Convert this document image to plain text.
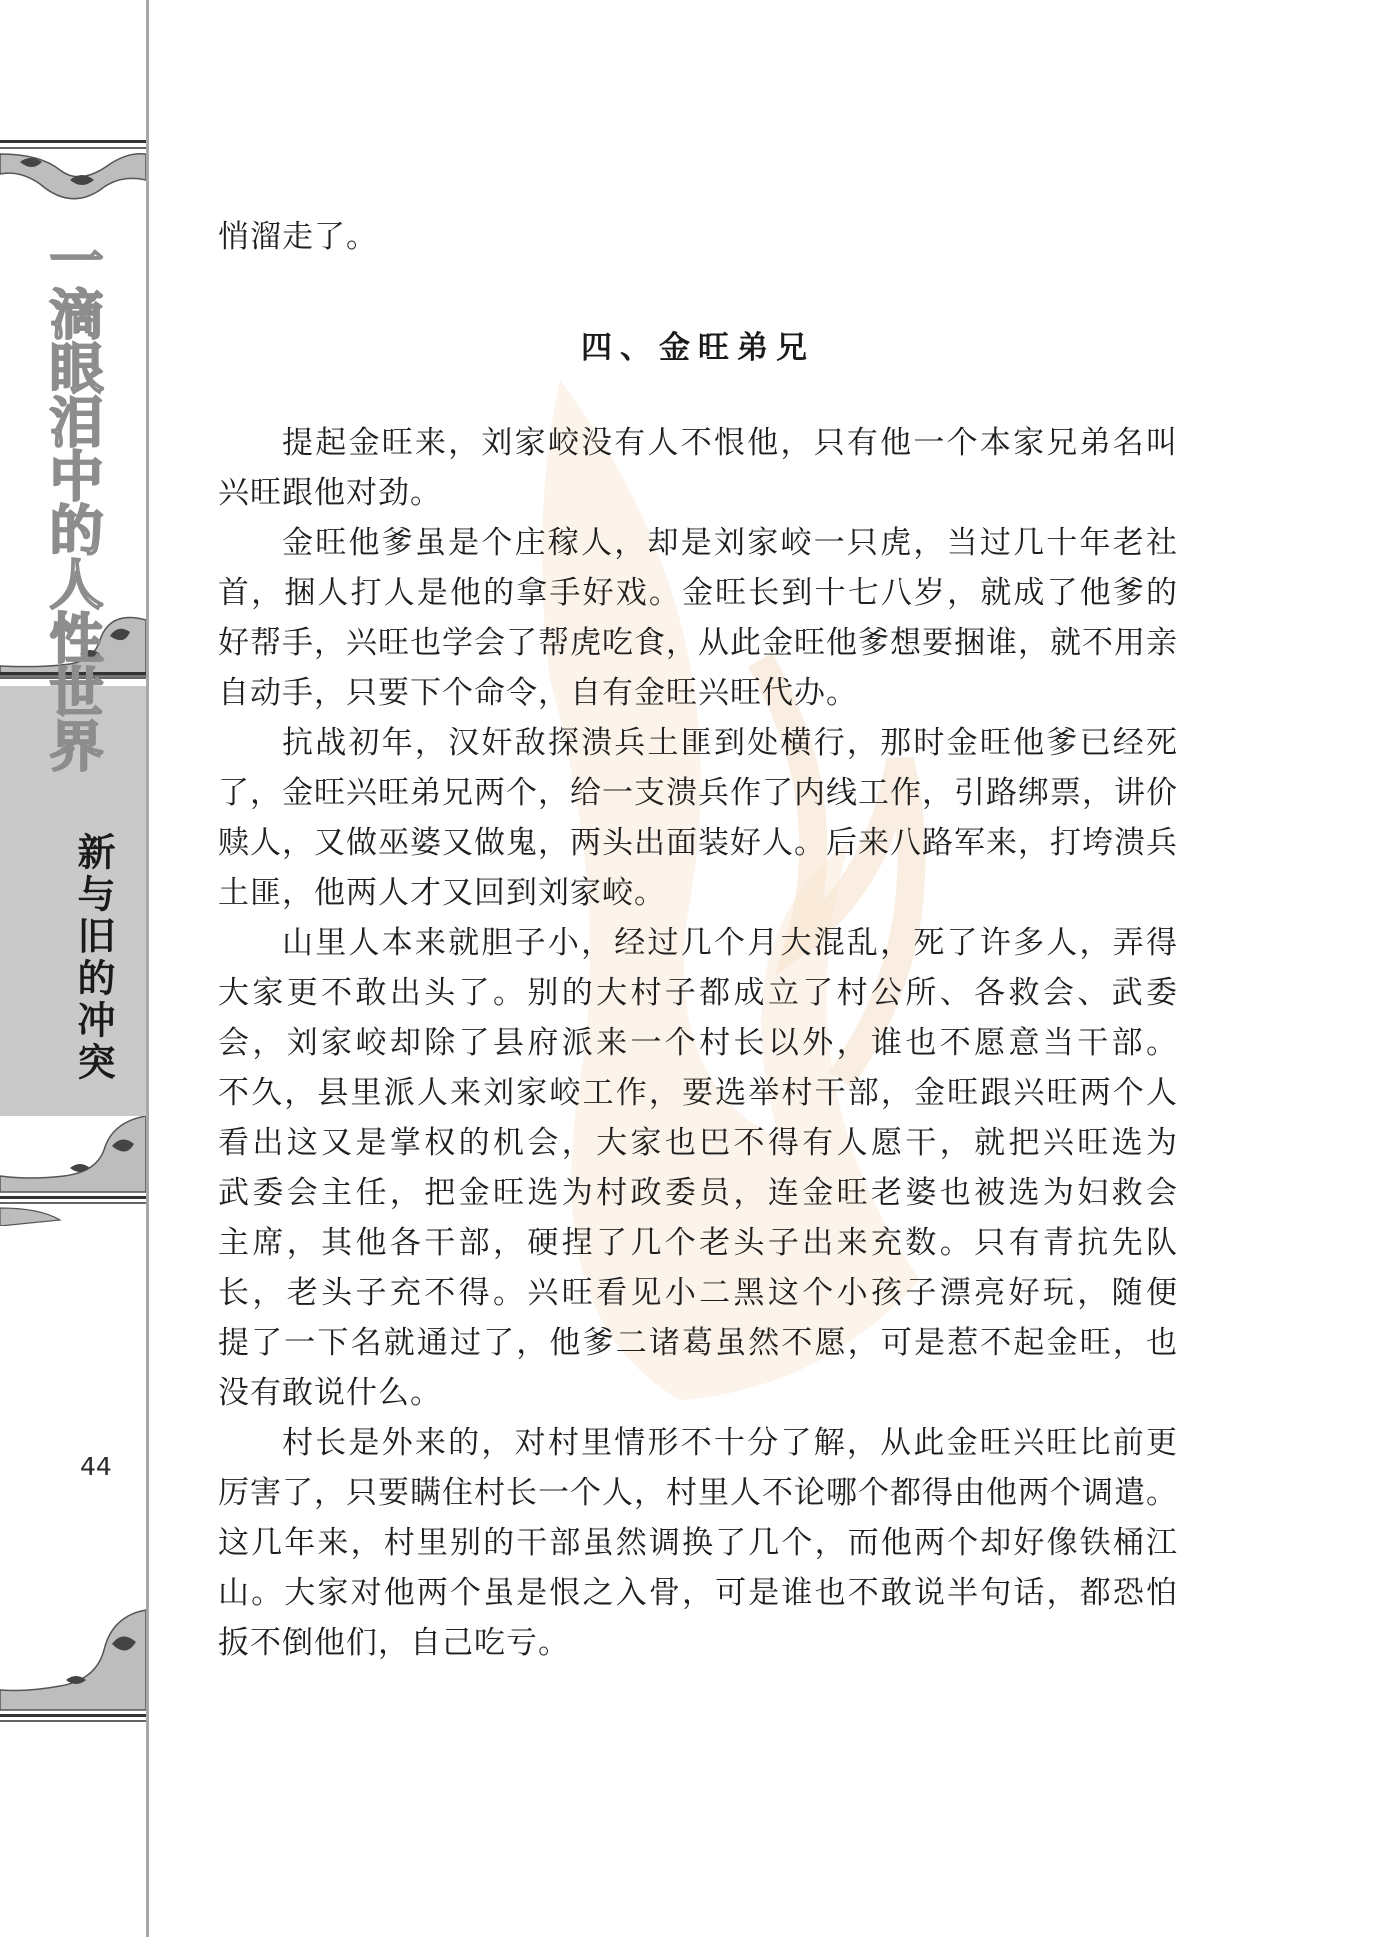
一滴眼泪中的人性世界
新与旧的冲突
44

悄溜走了。

四、金旺弟兄

提起金旺来，刘家峧没有人不恨他，只有他一个本家兄弟名叫

兴旺跟他对劲。

金旺他爹虽是个庄稼人，却是刘家峧一只虎，当过几十年老社

首，捆人打人是他的拿手好戏。金旺长到十七八岁，就成了他爹的

好帮手，兴旺也学会了帮虎吃食，从此金旺他爹想要捆谁，就不用亲

自动手，只要下个命令，自有金旺兴旺代办。

抗战初年，汉奸敌探溃兵土匪到处横行，那时金旺他爹已经死

了，金旺兴旺弟兄两个，给一支溃兵作了内线工作，引路绑票，讲价

赎人，又做巫婆又做鬼，两头出面装好人。后来八路军来，打垮溃兵

土匪，他两人才又回到刘家峧。

山里人本来就胆子小，经过几个月大混乱，死了许多人，弄得

大家更不敢出头了。别的大村子都成立了村公所、各救会、武委

会，刘家峧却除了县府派来一个村长以外，谁也不愿意当干部。

不久，县里派人来刘家峧工作，要选举村干部，金旺跟兴旺两个人

看出这又是掌权的机会，大家也巴不得有人愿干，就把兴旺选为

武委会主任，把金旺选为村政委员，连金旺老婆也被选为妇救会

主席，其他各干部，硬捏了几个老头子出来充数。只有青抗先队

长，老头子充不得。兴旺看见小二黑这个小孩子漂亮好玩，随便

提了一下名就通过了，他爹二诸葛虽然不愿，可是惹不起金旺，也

没有敢说什么。

村长是外来的，对村里情形不十分了解，从此金旺兴旺比前更

厉害了，只要瞒住村长一个人，村里人不论哪个都得由他两个调遣。

这几年来，村里别的干部虽然调换了几个，而他两个却好像铁桶江

山。大家对他两个虽是恨之入骨，可是谁也不敢说半句话，都恐怕

扳不倒他们，自己吃亏。
